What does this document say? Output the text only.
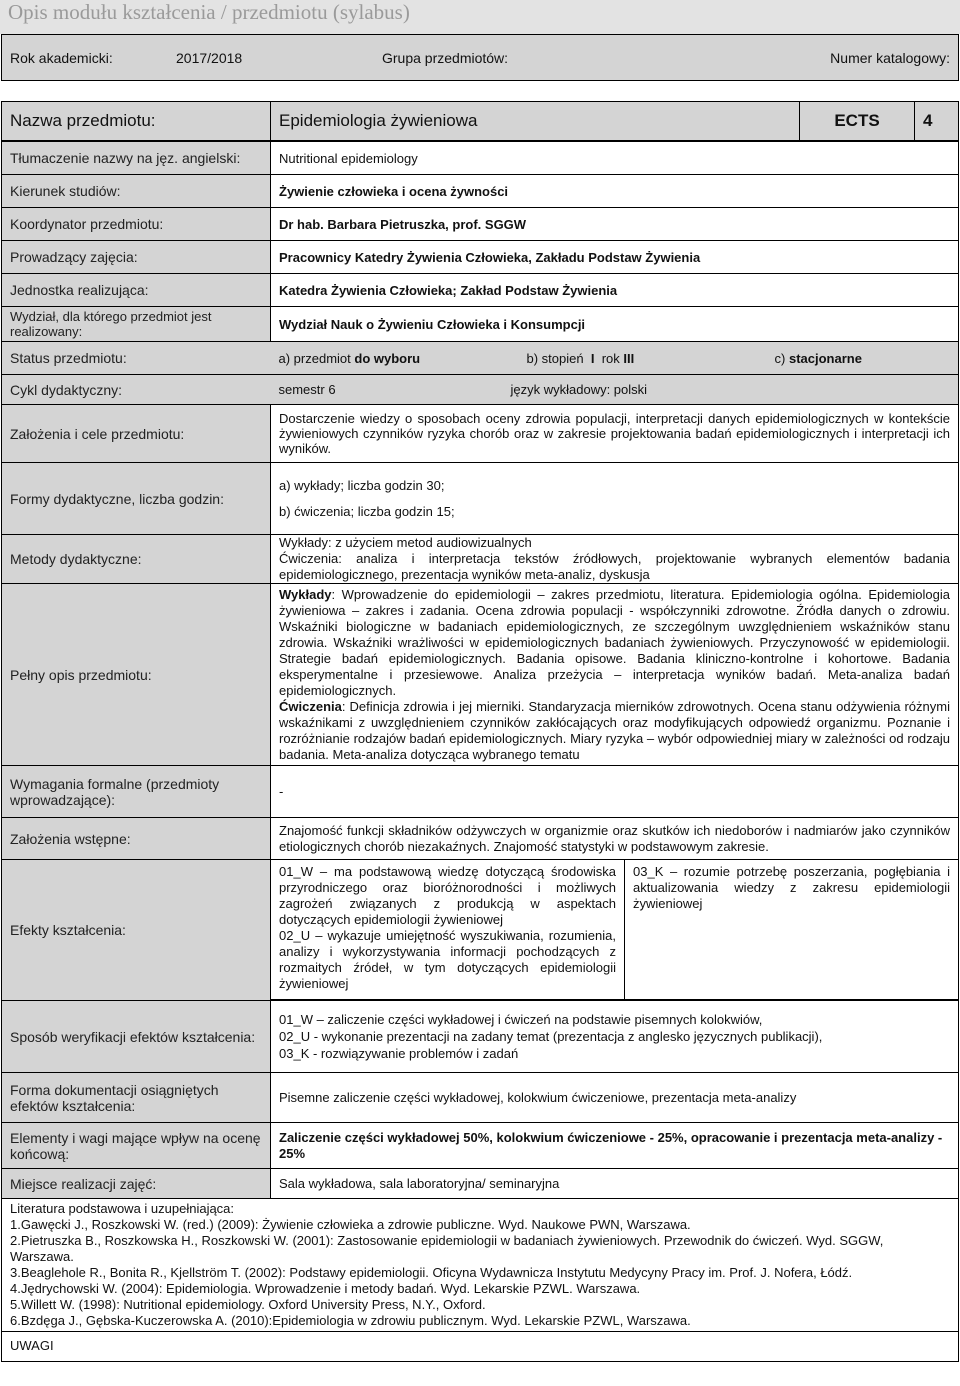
Opis modułu kształcenia / przedmiotu (sylabus)
Rok akademicki:	2017/2018	Grupa przedmiotów:	Numer katalogowy:
Nazwa przedmiotu:	Epidemiologia żywieniowa	ECTS	4
Tłumaczenie nazwy na jęz. angielski:	Nutritional epidemiology
Kierunek studiów:	Żywienie człowieka i ocena żywności
Koordynator przedmiotu:	Dr hab. Barbara Pietruszka, prof. SGGW
Prowadzący zajęcia:	Pracownicy Katedry Żywienia Człowieka, Zakładu Podstaw Żywienia
Jednostka realizująca:	Katedra Żywienia Człowieka; Zakład Podstaw Żywienia
Wydział, dla którego przedmiot jest realizowany:	Wydział Nauk o Żywieniu Człowieka i Konsumpcji
Status przedmiotu:		a) przedmiot do wyboru	b) stopień I rok III	c) stacjonarne

Cykl dydaktyczny:		semestr 6	język wykładowy: polski

Założenia i cele przedmiotu:	Dostarczenie wiedzy o sposobach oceny zdrowia populacji, interpretacji danych epidemiologicznych w kontekście żywieniowych czynników ryzyka chorób oraz w zakresie projektowania badań epidemiologicznych i interpretacji ich wyników.
Formy dydaktyczne, liczba godzin:	
a) wykłady; liczba godzin 30;
b) ćwiczenia; liczba godzin 15;

Metody dydaktyczne:	
Wykłady: z użyciem metod audiowizualnych
Ćwiczenia: analiza i interpretacja tekstów źródłowych, projektowanie wybranych elementów badania epidemiologicznego, prezentacja wyników meta-analiz, dyskusja

Pełny opis przedmiotu:	Wykłady: Wprowadzenie do epidemiologii – zakres przedmiotu, literatura. Epidemiologia ogólna. Epidemiologia żywieniowa – zakres i zadania. Ocena zdrowia populacji - współczynniki zdrowotne. Źródła danych o zdrowiu. Wskaźniki biologiczne w badaniach epidemiologicznych, ze szczególnym uwzględnieniem wskaźników stanu zdrowia. Wskaźniki wrażliwości w epidemiologicznych badaniach żywieniowych. Przyczynowość w epidemiologii. Strategie badań epidemiologicznych. Badania opisowe. Badania kliniczno-kontrolne i kohortowe. Badania eksperymentalne i przesiewowe. Analiza przeżycia – interpretacja wyników badań. Meta-analiza badań epidemiologicznych.
Ćwiczenia: Definicja zdrowia i jej mierniki. Standaryzacja mierników zdrowotnych. Ocena stanu odżywienia różnymi wskaźnikami z uwzględnieniem czynników zakłócających oraz modyfikujących odpowiedź organizmu. Poznanie i rozróżnianie rodzajów badań epidemiologicznych. Miary ryzyka – wybór odpowiedniej miary w zależności od rodzaju badania. Meta-analiza dotycząca wybranego tematu

Wymagania formalne (przedmioty wprowadzające):	-
Założenia wstępne:	Znajomość funkcji składników odżywczych w organizmie oraz skutków ich niedoborów i nadmiarów jako czynników etiologicznych chorób niezakaźnych. Znajomość statystyki w podstawowym zakresie.
Efekty kształcenia:	
01_W – ma podstawową wiedzę dotyczącą środowiska przyrodniczego oraz bioróżnorodności i możliwych zagrożeń związanych z produkcją w aspektach dotyczących epidemiologii żywieniowej
02_U – wykazuje umiejętność wyszukiwania, rozumienia, analizy i wykorzystywania informacji pochodzących z rozmaitych źródeł, w tym dotyczących epidemiologii żywieniowej	03_K – rozumie potrzebę poszerzania, pogłębiania i aktualizowania wiedzy z zakresu epidemiologii żywieniowej

Sposób weryfikacji efektów kształcenia:	
01_W – zaliczenie części wykładowej i ćwiczeń na podstawie pisemnych kolokwiów,
02_U - wykonanie prezentacji na zadany temat (prezentacja z anglesko języcznych publikacji),
03_K - rozwiązywanie problemów i zadań

Forma dokumentacji osiągniętych efektów kształcenia:	Pisemne zaliczenie części wykładowej, kolokwium ćwiczeniowe, prezentacja meta-analizy
Elementy i wagi mające wpływ na ocenę końcową:	Zaliczenie części wykładowej 50%, kolokwium ćwiczeniowe - 25%, opracowanie i prezentacja meta-analizy - 25%
Miejsce realizacji zajęć:	Sala wykładowa, sala laboratoryjna/ seminaryjna
Literatura podstawowa i uzupełniająca:
1.Gawęcki J., Roszkowski W. (red.) (2009): Żywienie człowieka a zdrowie publiczne. Wyd. Naukowe PWN, Warszawa.
2.Pietruszka B., Roszkowska H., Roszkowski W. (2001): Zastosowanie epidemiologii w badaniach żywieniowych. Przewodnik do ćwiczeń. Wyd. SGGW, Warszawa.
3.Beaglehole R., Bonita R., Kjellström T. (2002): Podstawy epidemiologii. Oficyna Wydawnicza Instytutu Medycyny Pracy im. Prof. J. Nofera, Łódź.
4.Jędrychowski W. (2004): Epidemiologia. Wprowadzenie i metody badań. Wyd. Lekarskie PZWL. Warszawa.
5.Willett W. (1998): Nutritional epidemiology. Oxford University Press, N.Y., Oxford.
6.Bzdęga J., Gębska-Kuczerowska A. (2010):Epidemiologia w zdrowiu publicznym. Wyd. Lekarskie PZWL, Warszawa.
UWAGI
